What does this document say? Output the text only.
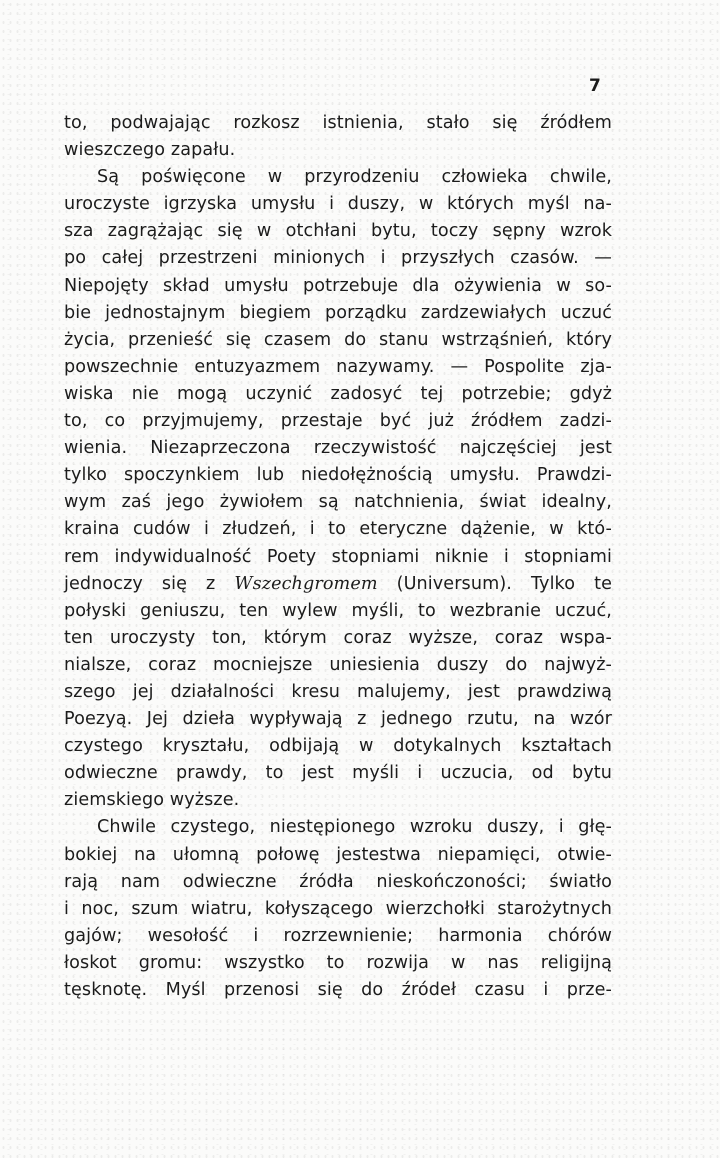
7
to, podwajając rozkosz istnienia, stało się źródłem
wieszczego zapału.
Są poświęcone w przyrodzeniu człowieka chwile,
uroczyste igrzyska umysłu i duszy, w których myśl na-
sza zagrążając się w otchłani bytu, toczy sępny wzrok
po całej przestrzeni minionych i przyszłych czasów. —
Niepojęty skład umysłu potrzebuje dla ożywienia w so-
bie jednostajnym biegiem porządku zardzewiałych uczuć
życia, przenieść się czasem do stanu wstrząśnień, który
powszechnie entuzyazmem nazywamy. — Pospolite zja-
wiska nie mogą uczynić zadosyć tej potrzebie; gdyż
to, co przyjmujemy, przestaje być już źródłem zadzi-
wienia. Niezaprzeczona rzeczywistość najczęściej jest
tylko spoczynkiem lub niedołężnością umysłu. Prawdzi-
wym zaś jego żywiołem są natchnienia, świat idealny,
kraina cudów i złudzeń, i to eteryczne dążenie, w któ-
rem indywidualność Poety stopniami niknie i stopniami
jednoczy się z Wszechgromem (Universum). Tylko te
połyski geniuszu, ten wylew myśli, to wezbranie uczuć,
ten uroczysty ton, którym coraz wyższe, coraz wspa-
nialsze, coraz mocniejsze uniesienia duszy do najwyż-
szego jej działalności kresu malujemy, jest prawdziwą
Poezyą. Jej dzieła wypływają z jednego rzutu, na wzór
czystego kryształu, odbijają w dotykalnych kształtach
odwieczne prawdy, to jest myśli i uczucia, od bytu
ziemskiego wyższe.
Chwile czystego, niestępionego wzroku duszy, i głę-
bokiej na ułomną połowę jestestwa niepamięci, otwie-
rają nam odwieczne źródła nieskończoności; światło
i noc, szum wiatru, kołyszącego wierzchołki starożytnych
gajów; wesołość i rozrzewnienie; harmonia chórów
łoskot gromu: wszystko to rozwija w nas religijną
tęsknotę. Myśl przenosi się do źródeł czasu i prze-
